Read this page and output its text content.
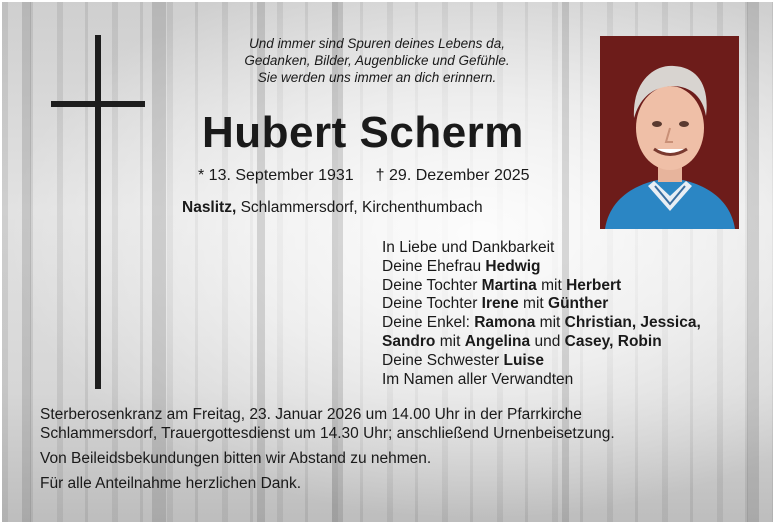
Und immer sind Spuren deines Lebens da,
Gedanken, Bilder, Augenblicke und Gefühle.
Sie werden uns immer an dich erinnern.
Hubert Scherm
* 13. September 1931 † 29. Dezember 2025
Naslitz, Schlammersdorf, Kirchenthumbach
In Liebe und Dankbarkeit
Deine Ehefrau Hedwig
Deine Tochter Martina mit Herbert
Deine Tochter Irene mit Günther
Deine Enkel: Ramona mit Christian, Jessica,
Sandro mit Angelina und Casey, Robin
Deine Schwester Luise
Im Namen aller Verwandten
Sterberosenkranz am Freitag, 23. Januar 2026 um 14.00 Uhr in der Pfarrkirche
Schlammersdorf, Trauergottesdienst um 14.30 Uhr; anschließend Urnenbeisetzung.
Von Beileidsbekundungen bitten wir Abstand zu nehmen.
Für alle Anteilnahme herzlichen Dank.
